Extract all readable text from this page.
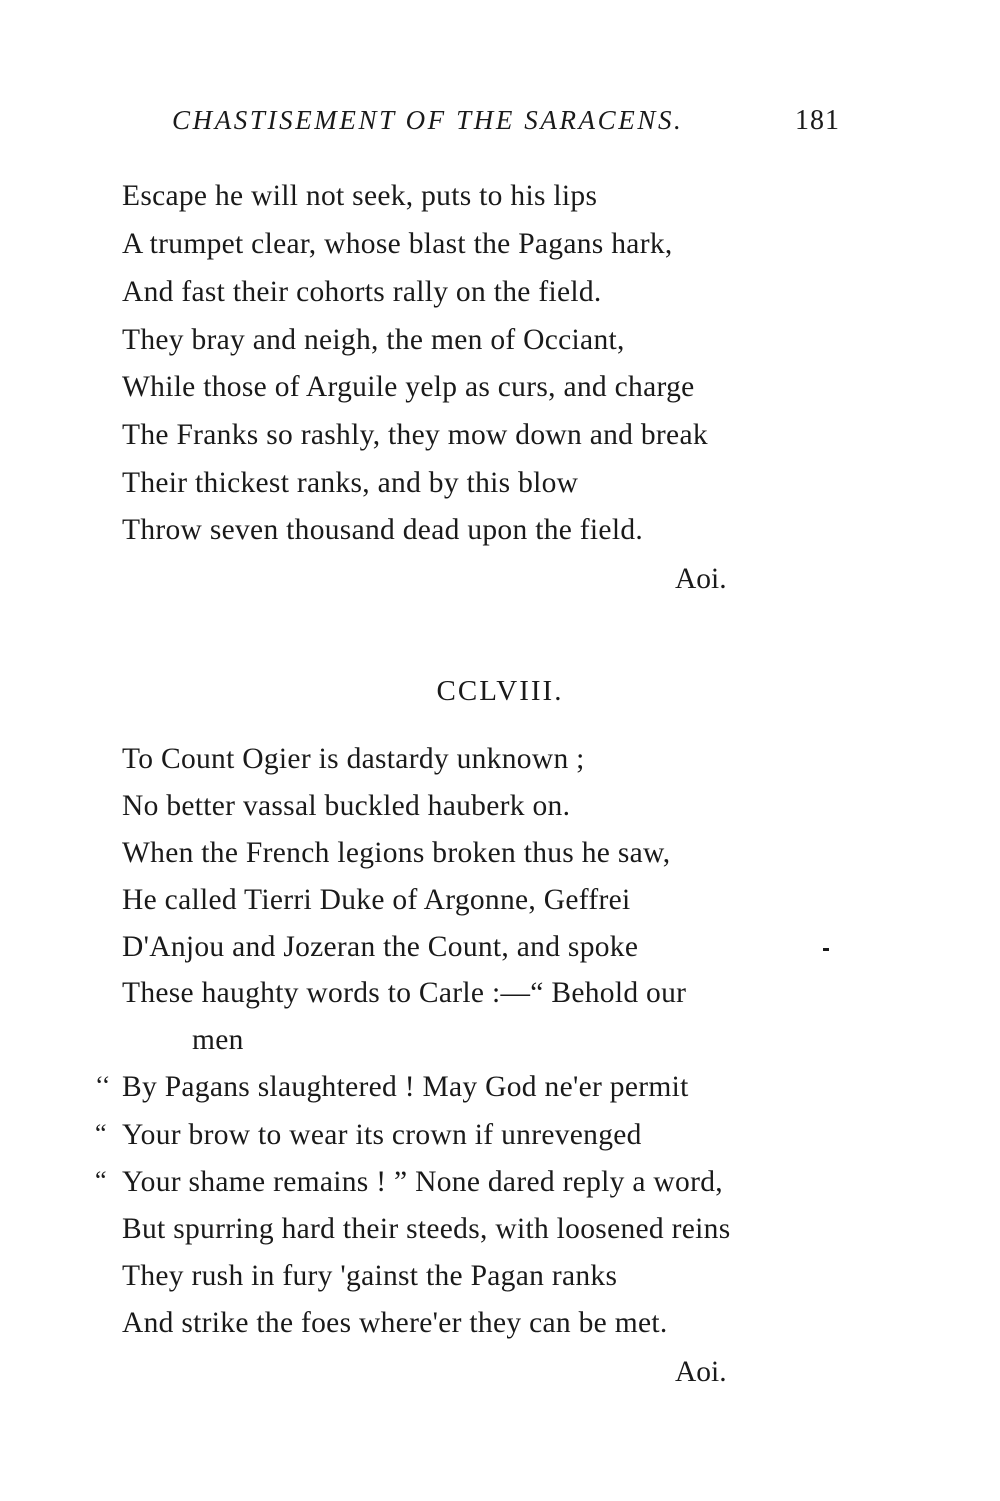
CHASTISEMENT OF THE SARACENS.	181
Escape he will not seek, puts to his lips
A trumpet clear, whose blast the Pagans hark,
And fast their cohorts rally on the field.
They bray and neigh, the men of Occiant,
While those of Arguile yelp as curs, and charge
The Franks so rashly, they mow down and break
Their thickest ranks, and by this blow
Throw seven thousand dead upon the field.
Aoi.
CCLVIII.
To Count Ogier is dastardy unknown ;
No better vassal buckled hauberk on.
When the French legions broken thus he saw,
He called Tierri Duke of Argonne, Geffrei
D'Anjou and Jozeran the Count, and spoke
These haughty words to Carle :—“ Behold our
men
‘‘ By Pagans slaughtered ! May God ne'er permit
“ Your brow to wear its crown if unrevenged
“ Your shame remains ! ” None dared reply a word,
But spurring hard their steeds, with loosened reins
They rush in fury 'gainst the Pagan ranks
And strike the foes where'er they can be met.
Aoi.
